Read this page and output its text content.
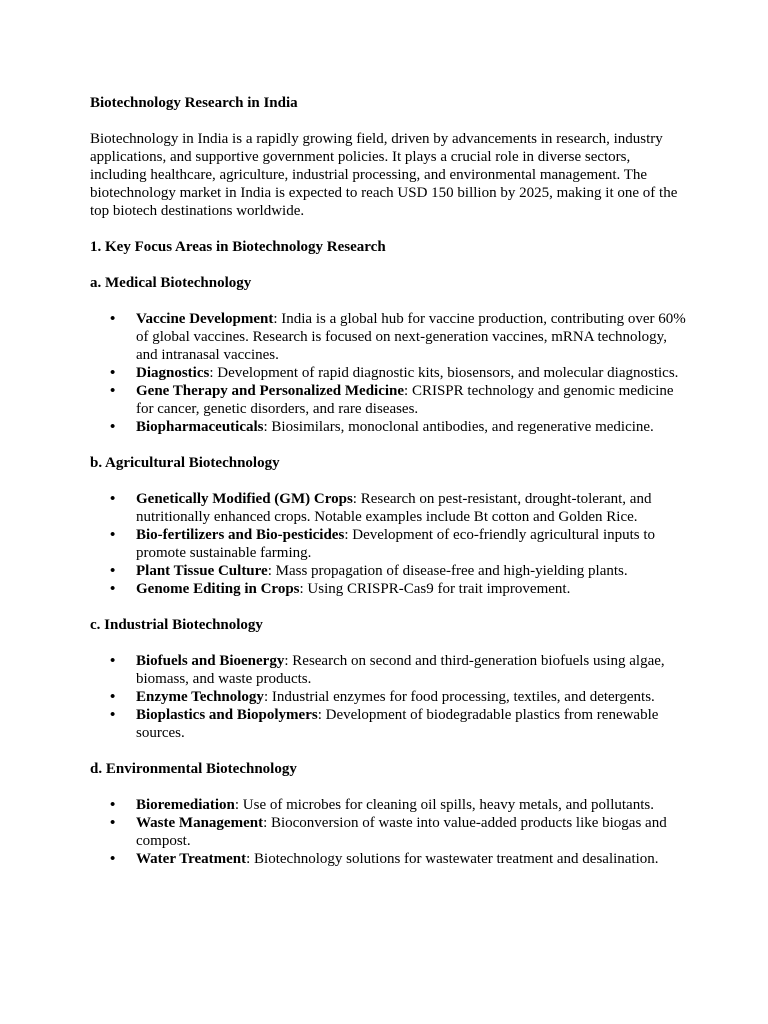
Biotechnology Research in India

Biotechnology in India is a rapidly growing field, driven by advancements in research, industry applications, and supportive government policies. It plays a crucial role in diverse sectors, including healthcare, agriculture, industrial processing, and environmental management. The biotechnology market in India is expected to reach USD 150 billion by 2025, making it one of the top biotech destinations worldwide.

1. Key Focus Areas in Biotechnology Research
a. Medical Biotechnology
•	Vaccine Development: India is a global hub for vaccine production, contributing over 60% of global vaccines. Research is focused on next-generation vaccines, mRNA technology, and intranasal vaccines.
•	Diagnostics: Development of rapid diagnostic kits, biosensors, and molecular diagnostics.
•	Gene Therapy and Personalized Medicine: CRISPR technology and genomic medicine for cancer, genetic disorders, and rare diseases.
•	Biopharmaceuticals: Biosimilars, monoclonal antibodies, and regenerative medicine.
b. Agricultural Biotechnology
•	Genetically Modified (GM) Crops: Research on pest-resistant, drought-tolerant, and nutritionally enhanced crops. Notable examples include Bt cotton and Golden Rice.
•	Bio-fertilizers and Bio-pesticides: Development of eco-friendly agricultural inputs to promote sustainable farming.
•	Plant Tissue Culture: Mass propagation of disease-free and high-yielding plants.
•	Genome Editing in Crops: Using CRISPR-Cas9 for trait improvement.
c. Industrial Biotechnology
•	Biofuels and Bioenergy: Research on second and third-generation biofuels using algae, biomass, and waste products.
•	Enzyme Technology: Industrial enzymes for food processing, textiles, and detergents.
•	Bioplastics and Biopolymers: Development of biodegradable plastics from renewable sources.
d. Environmental Biotechnology
•	Bioremediation: Use of microbes for cleaning oil spills, heavy metals, and pollutants.
•	Waste Management: Bioconversion of waste into value-added products like biogas and compost.
•	Water Treatment: Biotechnology solutions for wastewater treatment and desalination.
